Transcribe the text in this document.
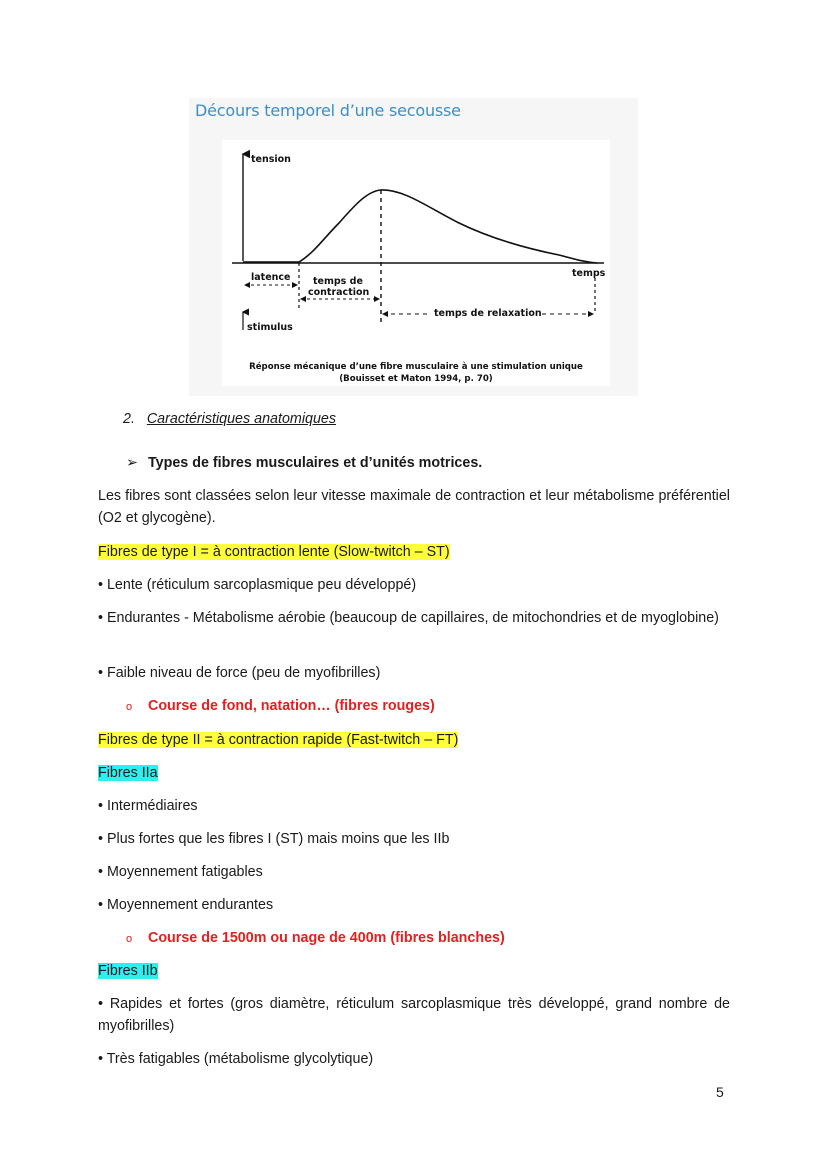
Décours temporel d’une secousse
tension
latence temps de
contraction
temps
temps de relaxation
stimulus
Réponse mécanique d’une fibre musculaire à une stimulation unique
(Bouisset et Maton 1994, p. 70)
2. Caractéristiques anatomiques
➢ Types de fibres musculaires et d’unités motrices.
Les fibres sont classées selon leur vitesse maximale de contraction et leur métabolisme préférentiel (O2 et glycogène).
Fibres de type I = à contraction lente (Slow-twitch – ST)
• Lente (réticulum sarcoplasmique peu développé)
• Endurantes - Métabolisme aérobie (beaucoup de capillaires, de mitochondries et de myoglobine)
• Faible niveau de force (peu de myofibrilles)
o Course de fond, natation… (fibres rouges)
Fibres de type II = à contraction rapide (Fast-twitch – FT)
Fibres IIa
• Intermédiaires
• Plus fortes que les fibres I (ST) mais moins que les IIb
• Moyennement fatigables
• Moyennement endurantes
o Course de 1500m ou nage de 400m (fibres blanches)
Fibres IIb
• Rapides et fortes (gros diamètre, réticulum sarcoplasmique très développé, grand nombre de myofibrilles)
• Très fatigables (métabolisme glycolytique)
5
